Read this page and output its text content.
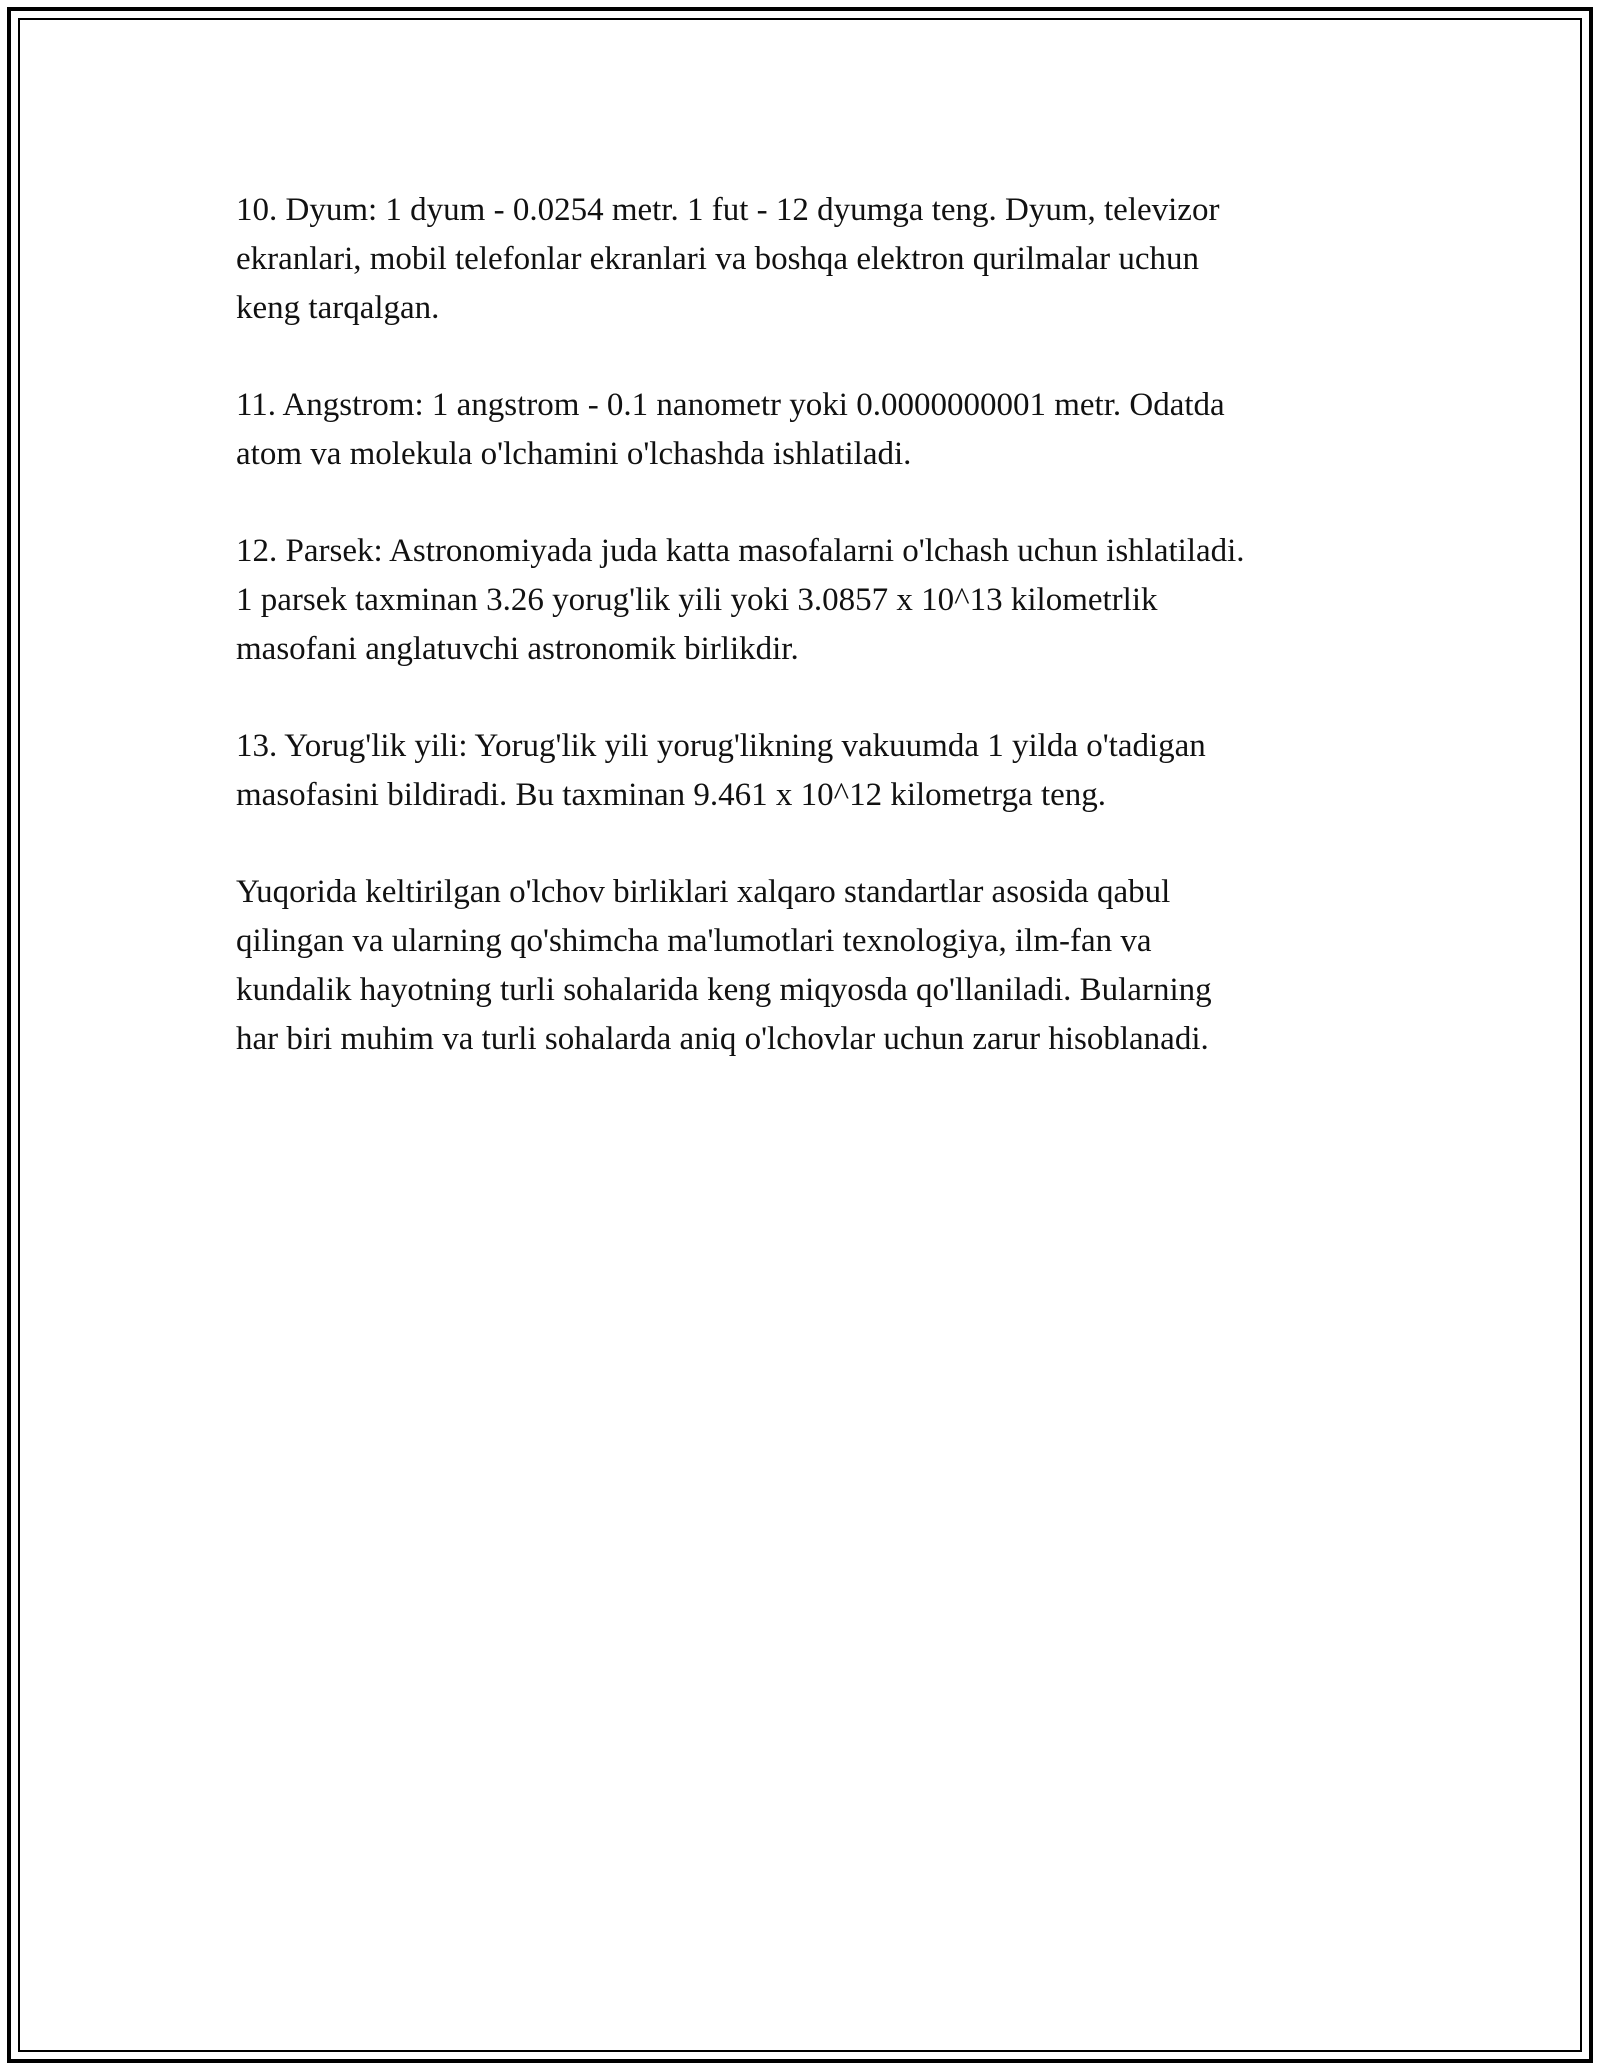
10. Dyum: 1 dyum - 0.0254 metr. 1 fut - 12 dyumga teng. Dyum, televizor
ekranlari, mobil telefonlar ekranlari va boshqa elektron qurilmalar uchun
keng tarqalgan.

11. Angstrom: 1 angstrom - 0.1 nanometr yoki 0.0000000001 metr. Odatda
atom va molekula o'lchamini o'lchashda ishlatiladi.

12. Parsek: Astronomiyada juda katta masofalarni o'lchash uchun ishlatiladi.
1 parsek taxminan 3.26 yorug'lik yili yoki 3.0857 x 10^13 kilometrlik
masofani anglatuvchi astronomik birlikdir.

13. Yorug'lik yili: Yorug'lik yili yorug'likning vakuumda 1 yilda o'tadigan
masofasini bildiradi. Bu taxminan 9.461 x 10^12 kilometrga teng.

Yuqorida keltirilgan o'lchov birliklari xalqaro standartlar asosida qabul
qilingan va ularning qo'shimcha ma'lumotlari texnologiya, ilm-fan va
kundalik hayotning turli sohalarida keng miqyosda qo'llaniladi. Bularning
har biri muhim va turli sohalarda aniq o'lchovlar uchun zarur hisoblanadi.
